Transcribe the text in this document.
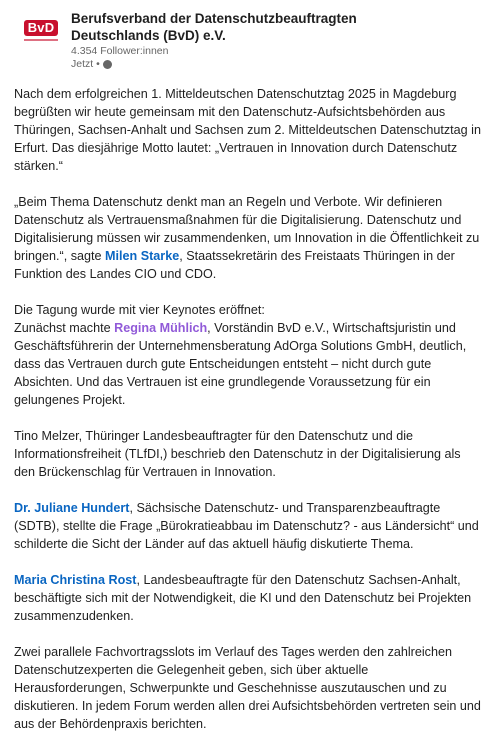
BvD
Berufsverband der Datenschutzbeauftragten Deutschlands (BvD) e.V.
4.354 Follower:innen
Jetzt •

Nach dem erfolgreichen 1. Mitteldeutschen Datenschutztag 2025 in Magdeburg begrüßten wir heute gemeinsam mit den Datenschutz-Aufsichtsbehörden aus Thüringen, Sachsen-Anhalt und Sachsen zum 2. Mitteldeutschen Datenschutztag in Erfurt. Das diesjährige Motto lautet: „Vertrauen in Innovation durch Datenschutz stärken.“

„Beim Thema Datenschutz denkt man an Regeln und Verbote. Wir definieren Datenschutz als Vertrauensmaßnahmen für die Digitalisierung. Datenschutz und Digitalisierung müssen wir zusammendenken, um Innovation in die Öffentlichkeit zu bringen.“, sagte Milen Starke, Staatssekretärin des Freistaats Thüringen in der Funktion des Landes CIO und CDO.

Die Tagung wurde mit vier Keynotes eröffnet:
Zunächst machte Regina Mühlich, Vorständin BvD e.V., Wirtschaftsjuristin und Geschäftsführerin der Unternehmensberatung AdOrga Solutions GmbH, deutlich, dass das Vertrauen durch gute Entscheidungen entsteht – nicht durch gute Absichten. Und das Vertrauen ist eine grundlegende Voraussetzung für ein gelungenes Projekt.

Tino Melzer, Thüringer Landesbeauftragter für den Datenschutz und die Informationsfreiheit (TLfDI,) beschrieb den Datenschutz in der Digitalisierung als den Brückenschlag für Vertrauen in Innovation.

Dr. Juliane Hundert, Sächsische Datenschutz- und Transparenzbeauftragte (SDTB), stellte die Frage „Bürokratieabbau im Datenschutz? - aus Ländersicht“ und schilderte die Sicht der Länder auf das aktuell häufig diskutierte Thema.

Maria Christina Rost, Landesbeauftragte für den Datenschutz Sachsen-Anhalt, beschäftigte sich mit der Notwendigkeit, die KI und den Datenschutz bei Projekten zusammenzudenken.

Zwei parallele Fachvortragsslots im Verlauf des Tages werden den zahlreichen Datenschutzexperten die Gelegenheit geben, sich über aktuelle Herausforderungen, Schwerpunkte und Geschehnisse auszutauschen und zu diskutieren. In jedem Forum werden allen drei Aufsichtsbehörden vertreten sein und aus der Behördenpraxis berichten.
